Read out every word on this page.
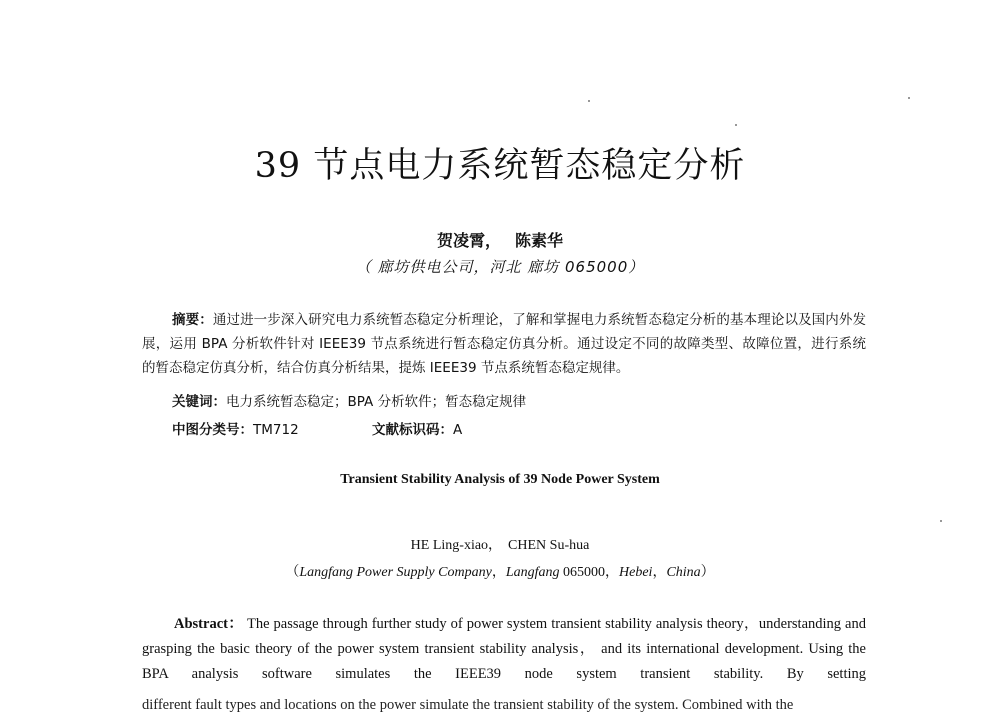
39 节点电力系统暂态稳定分析
贺凌霄， 陈素华
（ 廊坊供电公司，河北 廊坊 065000）
摘要：通过进一步深入研究电力系统暂态稳定分析理论，了解和掌握电力系统暂态稳定分析的基本理论以及国内外发展，运用 BPA 分析软件针对 IEEE39 节点系统进行暂态稳定仿真分析。通过设定不同的故障类型、故障位置，进行系统的暂态稳定仿真分析，结合仿真分析结果，提炼 IEEE39 节点系统暂态稳定规律。
关键词：电力系统暂态稳定；BPA 分析软件；暂态稳定规律
中图分类号：TM712	文献标识码：A
Transient Stability Analysis of 39 Node Power System
HE Ling-xiao， CHEN Su-hua
（Langfang Power Supply Company，Langfang 065000，Hebei，China）
Abstract： The passage through further study of power system transient stability analysis theory，understanding and grasping the basic theory of the power system transient stability analysis， and its international development. Using the BPA analysis software simulates the IEEE39 node system transient stability. By setting
different fault types and locations on the power simulate the transient stability of the system. Combined with the
